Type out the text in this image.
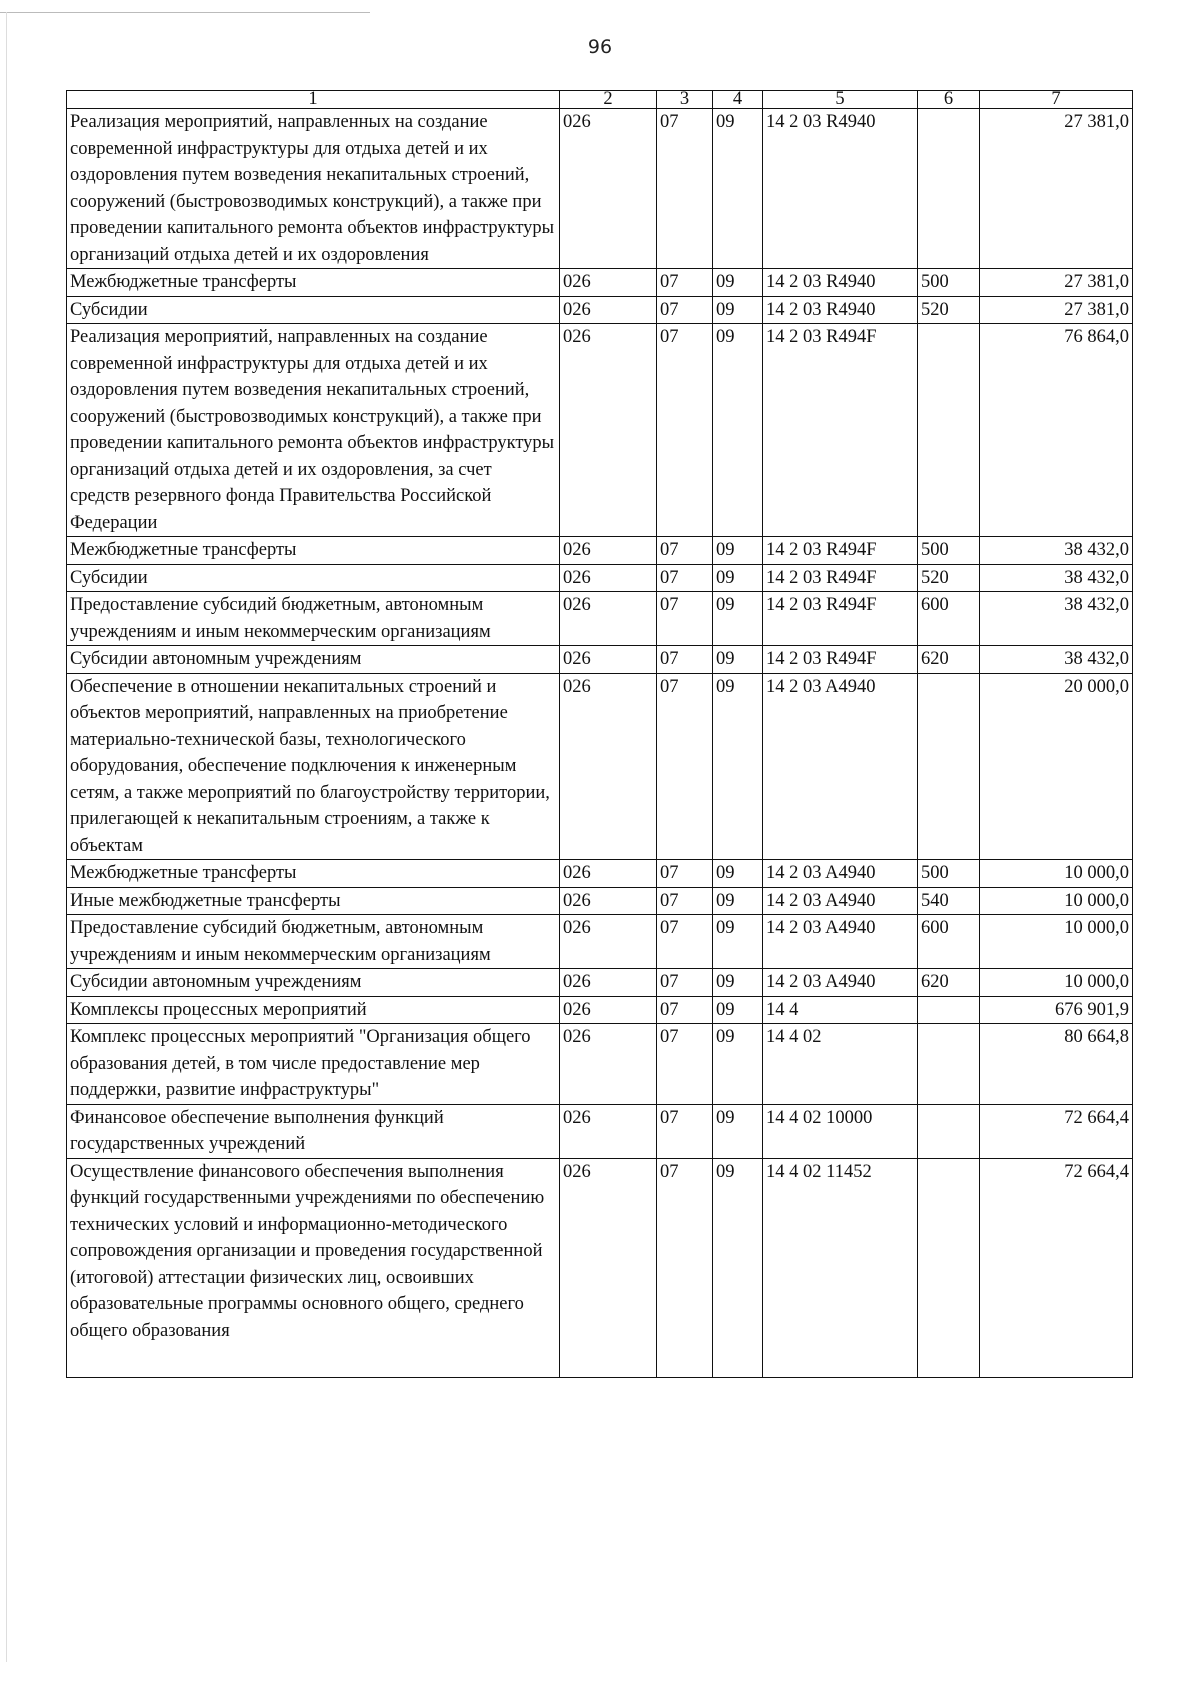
96
1	2	3	4	5	6	7
Реализация мероприятий, направленных на создание современной инфраструктуры для отдыха детей и их оздоровления путем возведения некапитальных строений, сооружений (быстровозводимых конструкций), а также при проведении капитального ремонта объектов инфраструктуры организаций отдыха детей и их оздоровления	026	07	09	14 2 03 R4940		27 381,0
Межбюджетные трансферты	026	07	09	14 2 03 R4940	500	27 381,0
Субсидии	026	07	09	14 2 03 R4940	520	27 381,0
Реализация мероприятий, направленных на создание современной инфраструктуры для отдыха детей и их оздоровления путем возведения некапитальных строений, сооружений (быстровозводимых конструкций), а также при проведении капитального ремонта объектов инфраструктуры организаций отдыха детей и их оздоровления, за счет средств резервного фонда Правительства Российской Федерации	026	07	09	14 2 03 R494F		76 864,0
Межбюджетные трансферты	026	07	09	14 2 03 R494F	500	38 432,0
Субсидии	026	07	09	14 2 03 R494F	520	38 432,0
Предоставление субсидий бюджетным, автономным учреждениям и иным некоммерческим организациям	026	07	09	14 2 03 R494F	600	38 432,0
Субсидии автономным учреждениям	026	07	09	14 2 03 R494F	620	38 432,0
Обеспечение в отношении некапитальных строений и объектов мероприятий, направленных на приобретение материально-технической базы, технологического оборудования, обеспечение подключения к инженерным сетям, а также мероприятий по благоустройству территории, прилегающей к некапитальным строениям, а также к объектам	026	07	09	14 2 03 A4940		20 000,0
Межбюджетные трансферты	026	07	09	14 2 03 A4940	500	10 000,0
Иные межбюджетные трансферты	026	07	09	14 2 03 A4940	540	10 000,0
Предоставление субсидий бюджетным, автономным учреждениям и иным некоммерческим организациям	026	07	09	14 2 03 A4940	600	10 000,0
Субсидии автономным учреждениям	026	07	09	14 2 03 A4940	620	10 000,0
Комплексы процессных мероприятий	026	07	09	14 4		676 901,9
Комплекс процессных мероприятий "Организация общего образования детей, в том числе предоставление мер поддержки, развитие инфраструктуры"	026	07	09	14 4 02		80 664,8
Финансовое обеспечение выполнения функций государственных учреждений	026	07	09	14 4 02 10000		72 664,4
Осуществление финансового обеспечения выполнения функций государственными учреждениями по обеспечению технических условий и информационно-методического сопровождения организации и проведения государственной (итоговой) аттестации физических лиц, освоивших образовательные программы основного общего, среднего общего образования	026	07	09	14 4 02 11452		72 664,4
